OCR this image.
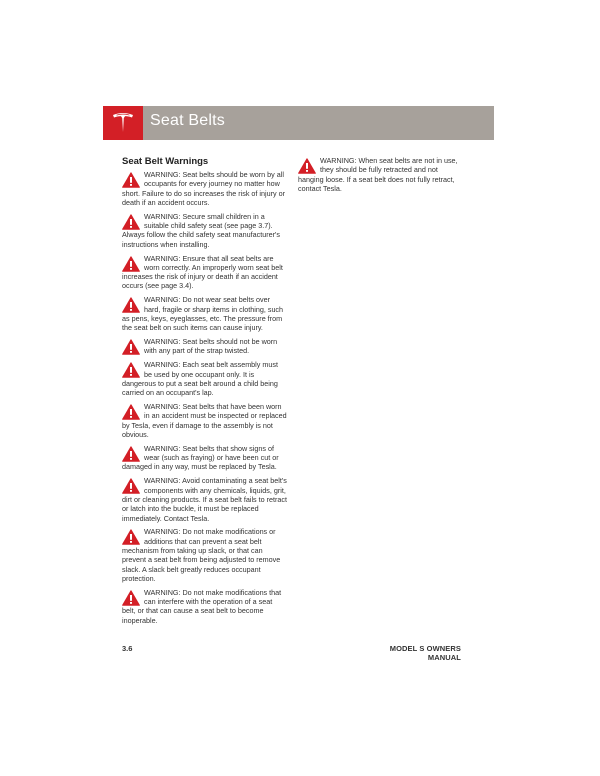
Seat Belts
Seat Belt Warnings

WARNING: Seat belts should be worn by all occupants for every journey no matter how short. Failure to do so increases the risk of injury or death if an accident occurs.

WARNING: Secure small children in a suitable child safety seat (see page 3.7). Always follow the child safety seat manufacturer's instructions when installing.

WARNING: Ensure that all seat belts are worn correctly. An improperly worn seat belt increases the risk of injury or death if an accident occurs (see page 3.4).

WARNING: Do not wear seat belts over hard, fragile or sharp items in clothing, such as pens, keys, eyeglasses, etc. The pressure from the seat belt on such items can cause injury.

WARNING: Seat belts should not be worn with any part of the strap twisted.

WARNING: Each seat belt assembly must be used by one occupant only. It is dangerous to put a seat belt around a child being carried on an occupant's lap.

WARNING: Seat belts that have been worn in an accident must be inspected or replaced by Tesla, even if damage to the assembly is not obvious.

WARNING: Seat belts that show signs of wear (such as fraying) or have been cut or damaged in any way, must be replaced by Tesla.

WARNING: Avoid contaminating a seat belt's components with any chemicals, liquids, grit, dirt or cleaning products. If a seat belt fails to retract or latch into the buckle, it must be replaced immediately. Contact Tesla.

WARNING: Do not make modifications or additions that can prevent a seat belt mechanism from taking up slack, or that can prevent a seat belt from being adjusted to remove slack. A slack belt greatly reduces occupant protection.

WARNING: Do not make modifications that can interfere with the operation of a seat belt, or that can cause a seat belt to become inoperable.

WARNING: When seat belts are not in use, they should be fully retracted and not hanging loose. If a seat belt does not fully retract, contact Tesla.

3.6	MODEL S OWNERS MANUAL
